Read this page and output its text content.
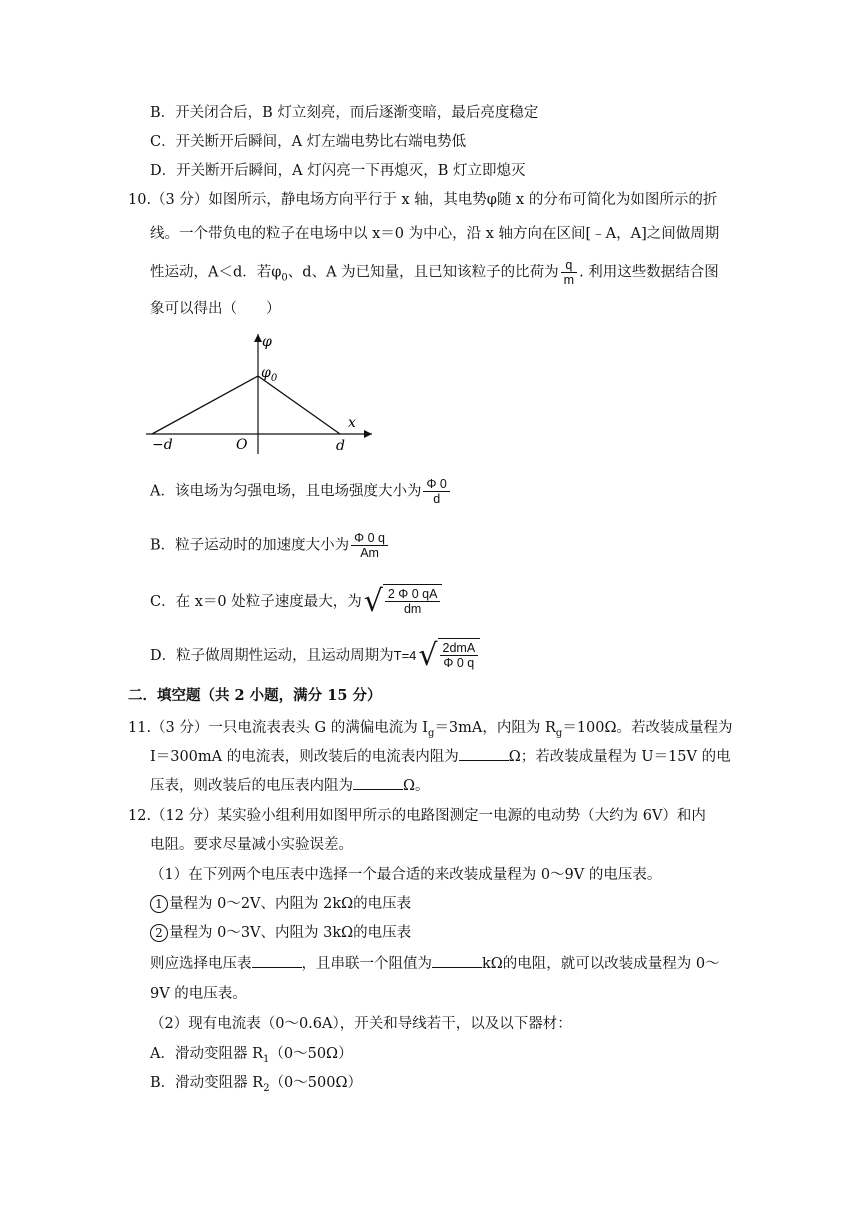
B．开关闭合后，B 灯立刻亮，而后逐渐变暗，最后亮度稳定
C．开关断开后瞬间，A 灯左端电势比右端电势低
D．开关断开后瞬间，A 灯闪亮一下再熄灭，B 灯立即熄灭
10.（3 分）如图所示，静电场方向平行于 x 轴，其电势φ随 x 的分布可简化为如图所示的折
线。一个带负电的粒子在电场中以 x＝0 为中心，沿 x 轴方向在区间[﹣A，A]之间做周期
性运动，A＜d．若$\varphi_0$、d、A 为已知量，且已知该粒子的比荷为 $\frac{q}{m}$ . 利用这些数据结合图
象可以得出（　　）
φ
$\varphi_0$
x
O
−d	d
A．该电场为匀强电场，且电场强度大小为 $\frac{\Phi 0}{d}$
B．粒子运动时的加速度大小为 $\frac{\Phi 0 q}{Am}$
C．在 x＝0 处粒子速度最大，为 √ $\frac{2 \Phi 0 qA}{dm}$
D．粒子做周期性运动，且运动周期为T=4 √ $\frac{\text{2dmA}}{\Phi 0 q}$
二．填空题（共 2 小题，满分 15 分）
11.（3 分）一只电流表表头 G 的满偏电流为 $I_g=3mA$，内阻为 $R_g=100\Omega$。若改装成量程为
I＝300mA 的电流表，则改装后的电流表内阻为	Ω；若改装成量程为 U＝15V 的电
压表，则改装后的电压表内阻为	Ω。
12.（12 分）某实验小组利用如图甲所示的电路图测定一电源的电动势（大约为 6V）和内
电阻。要求尽量减小实验误差。
（1）在下列两个电压表中选择一个最合适的来改装成量程为 0～9V 的电压表。
1 量程为 0～2V、内阻为 2kΩ的电压表
2 量程为 0～3V、内阻为 3kΩ的电压表
则应选择电压表	，且串联一个阻值为	kΩ的电阻，就可以改装成量程为 0～
9V 的电压表。
（2）现有电流表（0～0.6A），开关和导线若干，以及以下器材：
A．滑动变阻器 $R_1(0\sim 50\Omega)$
B．滑动变阻器 $R_2(0\sim 500\Omega)$
